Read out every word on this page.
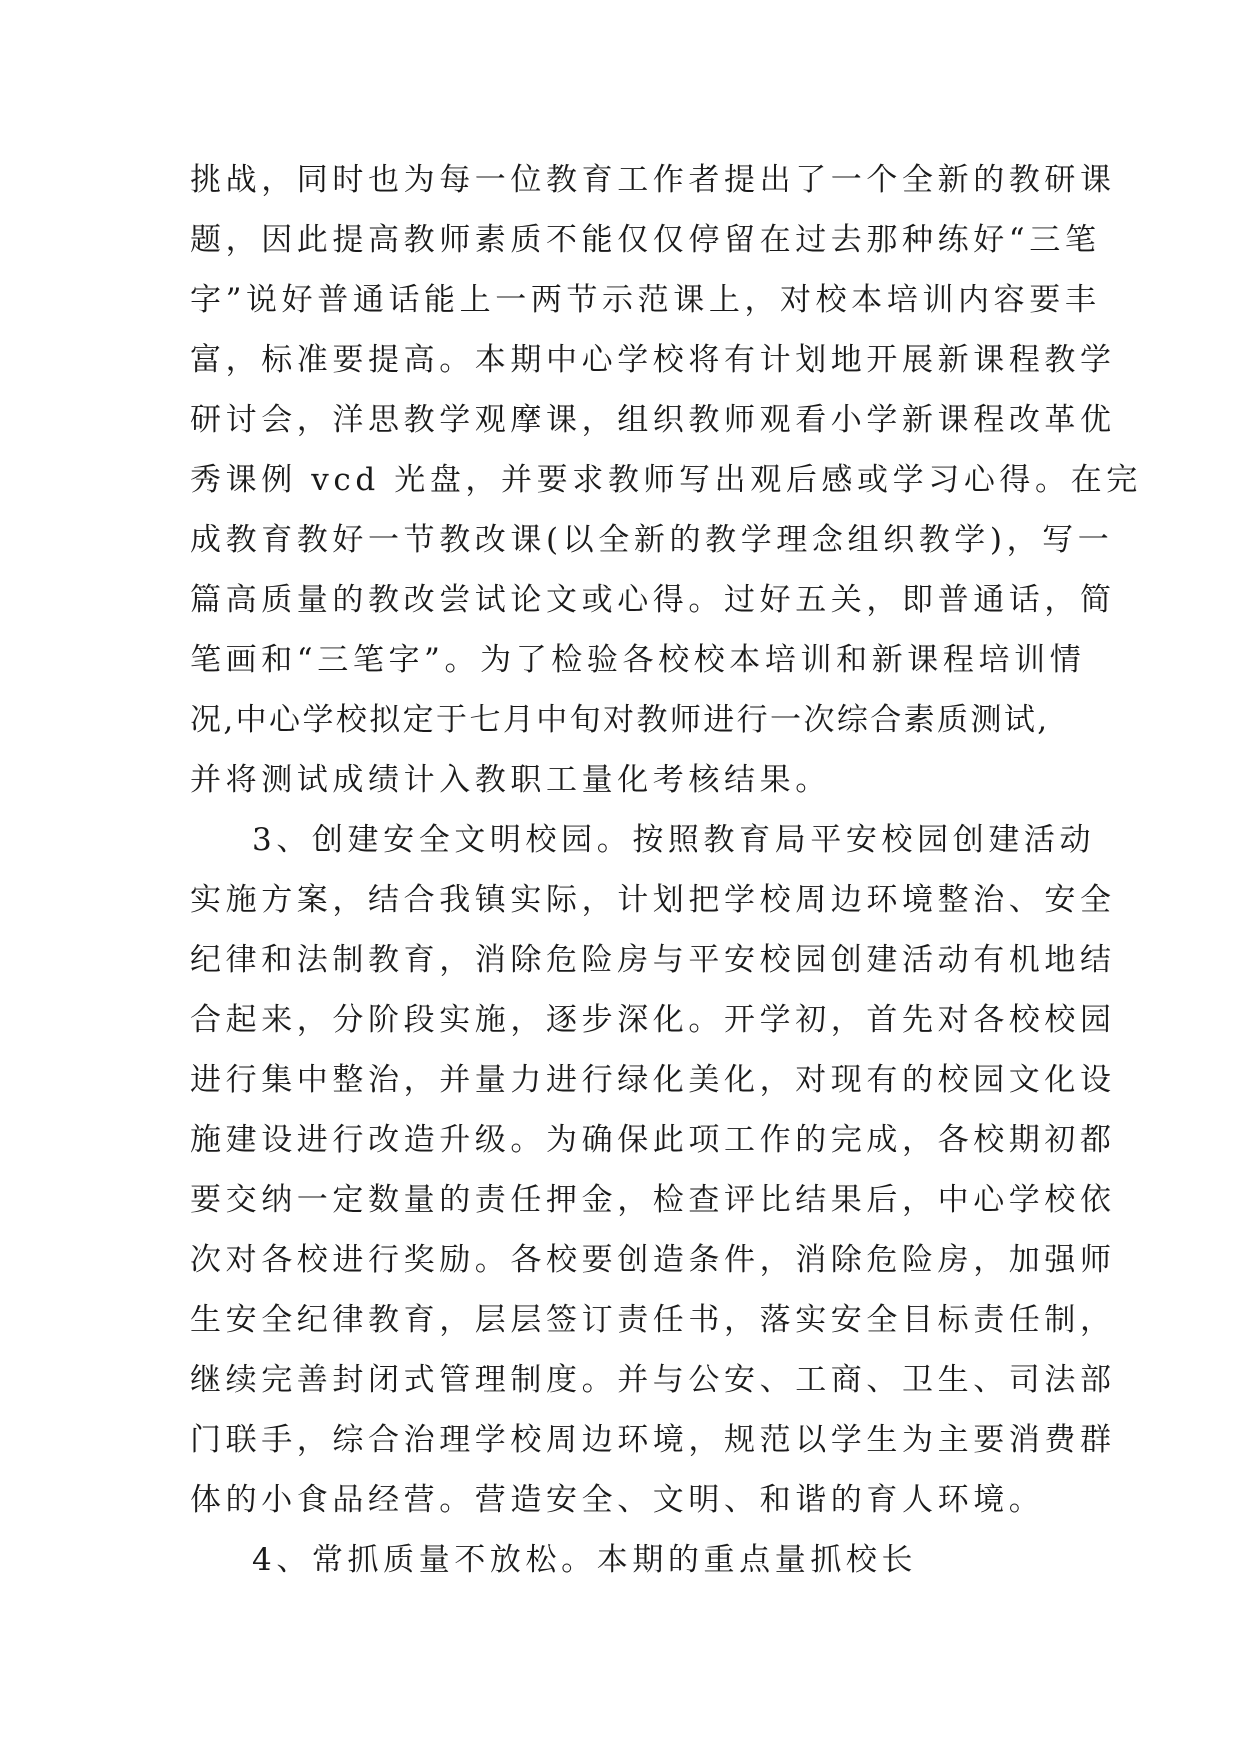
挑战，同时也为每一位教育工作者提出了一个全新的教研课
题，因此提高教师素质不能仅仅停留在过去那种练好“三笔
字”说好普通话能上一两节示范课上，对校本培训内容要丰
富，标准要提高。本期中心学校将有计划地开展新课程教学
研讨会，洋思教学观摩课，组织教师观看小学新课程改革优
秀课例 vcd 光盘，并要求教师写出观后感或学习心得。在完
成教育教好一节教改课(以全新的教学理念组织教学)，写一
篇高质量的教改尝试论文或心得。过好五关，即普通话，简
笔画和“三笔字”。为了检验各校校本培训和新课程培训情
况,中心学校拟定于七月中旬对教师进行一次综合素质测试,
并将测试成绩计入教职工量化考核结果。
3、创建安全文明校园。按照教育局平安校园创建活动
实施方案，结合我镇实际，计划把学校周边环境整治、安全
纪律和法制教育，消除危险房与平安校园创建活动有机地结
合起来，分阶段实施，逐步深化。开学初，首先对各校校园
进行集中整治，并量力进行绿化美化，对现有的校园文化设
施建设进行改造升级。为确保此项工作的完成，各校期初都
要交纳一定数量的责任押金，检查评比结果后，中心学校依
次对各校进行奖励。各校要创造条件，消除危险房，加强师
生安全纪律教育，层层签订责任书，落实安全目标责任制，
继续完善封闭式管理制度。并与公安、工商、卫生、司法部
门联手，综合治理学校周边环境，规范以学生为主要消费群
体的小食品经营。营造安全、文明、和谐的育人环境。
4、常抓质量不放松。本期的重点量抓校长
